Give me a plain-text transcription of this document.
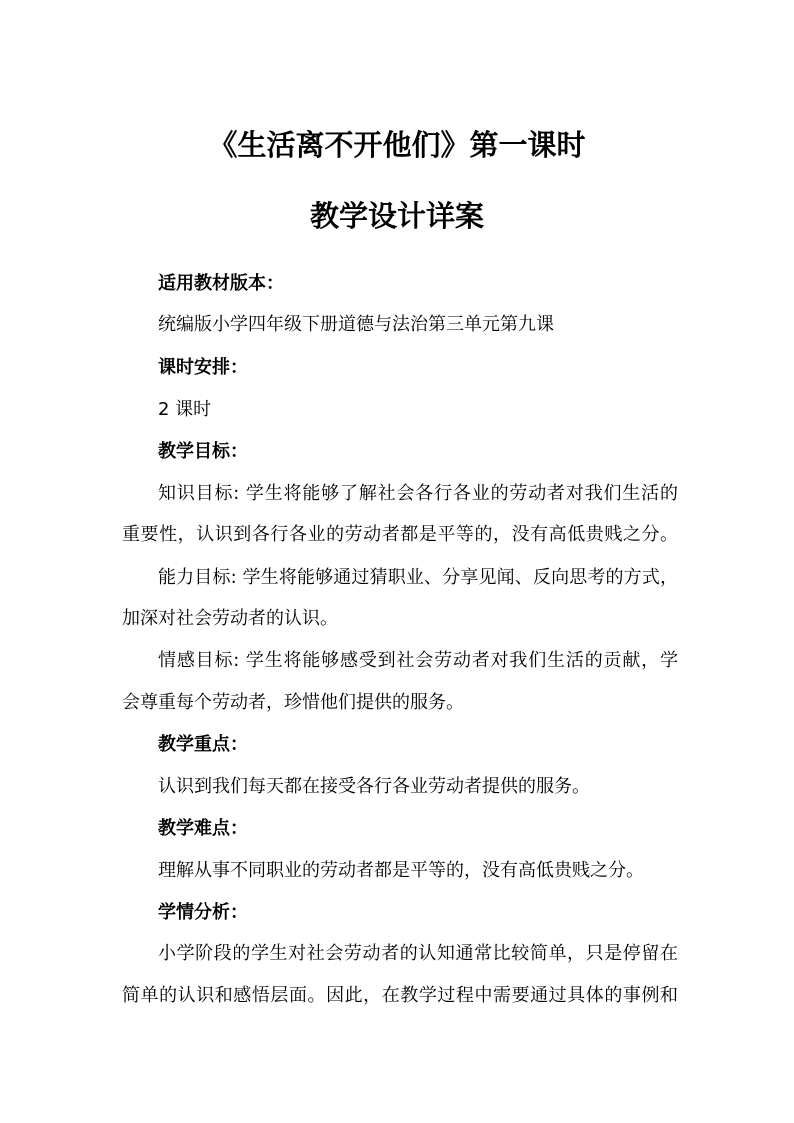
《生活离不开他们》第一课时
教学设计详案
适用教材版本：
统编版小学四年级下册道德与法治第三单元第九课
课时安排：
2 课时
教学目标：
知识目标: 学生将能够了解社会各行各业的劳动者对我们生活的
重要性，认识到各行各业的劳动者都是平等的，没有高低贵贱之分。
能力目标: 学生将能够通过猜职业、分享见闻、反向思考的方式，
加深对社会劳动者的认识。
情感目标: 学生将能够感受到社会劳动者对我们生活的贡献，学
会尊重每个劳动者，珍惜他们提供的服务。
教学重点：
认识到我们每天都在接受各行各业劳动者提供的服务。
教学难点：
理解从事不同职业的劳动者都是平等的，没有高低贵贱之分。
学情分析：
小学阶段的学生对社会劳动者的认知通常比较简单，只是停留在
简单的认识和感悟层面。因此，在教学过程中需要通过具体的事例和
